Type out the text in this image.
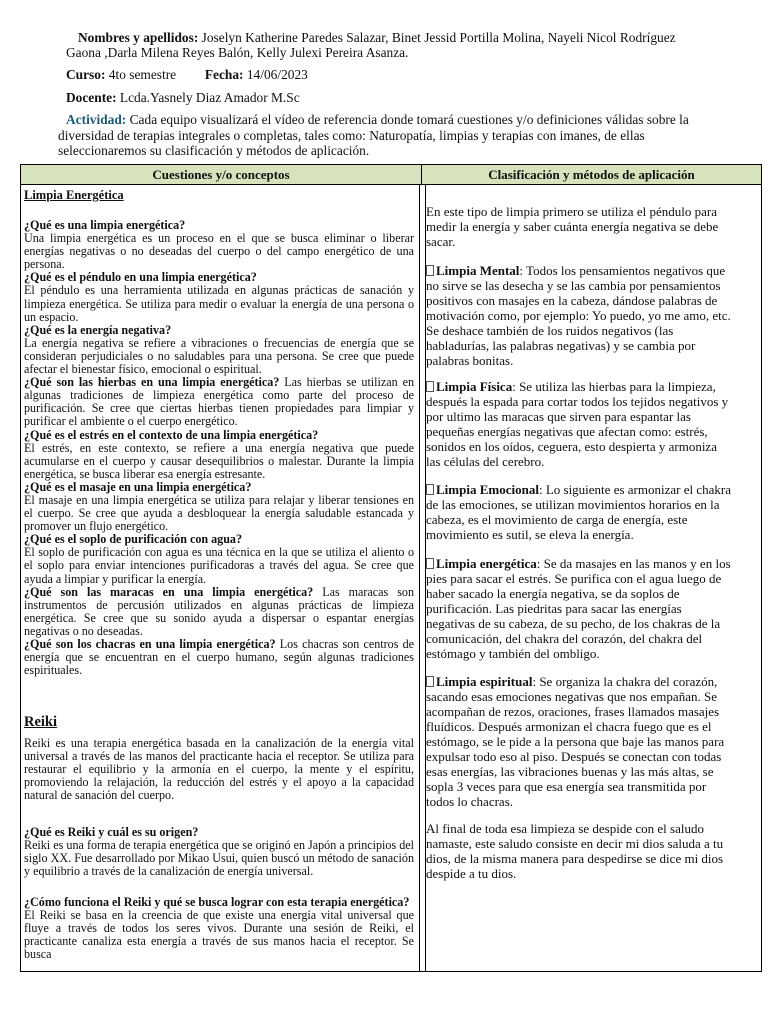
Nombres y apellidos: Joselyn Katherine Paredes Salazar, Binet Jessid Portilla Molina, Nayeli Nicol Rodríguez
Gaona ,Darla Milena Reyes Balón, Kelly Julexi Pereira Asanza.
Curso: 4to semestre Fecha: 14/06/2023
Docente: Lcda.Yasnely Diaz Amador M.Sc
Actividad: Cada equipo visualizará el vídeo de referencia donde tomará cuestiones y/o definiciones válidas sobre la diversidad de terapias integrales o completas, tales como: Naturopatía, limpias y terapias con imanes, de ellas seleccionaremos su clasificación y métodos de aplicación.
Cuestiones y/o conceptos	Clasificación y métodos de aplicación
Limpia Energética

¿Qué es una limpia energética?

Una limpia energética es un proceso en el que se busca eliminar o liberar energías negativas o no deseadas del cuerpo o del campo energético de una persona.

¿Qué es el péndulo en una limpia energética?

El péndulo es una herramienta utilizada en algunas prácticas de sanación y limpieza energética. Se utiliza para medir o evaluar la energía de una persona o un espacio.

¿Qué es la energía negativa?

La energía negativa se refiere a vibraciones o frecuencias de energía que se consideran perjudiciales o no saludables para una persona. Se cree que puede afectar el bienestar físico, emocional o espiritual.

¿Qué son las hierbas en una limpia energética? Las hierbas se utilizan en algunas tradiciones de limpieza energética como parte del proceso de purificación. Se cree que ciertas hierbas tienen propiedades para limpiar y purificar el ambiente o el cuerpo energético.

¿Qué es el estrés en el contexto de una limpia energética?

El estrés, en este contexto, se refiere a una energía negativa que puede acumularse en el cuerpo y causar desequilibrios o malestar. Durante la limpia energética, se busca liberar esa energía estresante.

¿Qué es el masaje en una limpia energética?

El masaje en una limpia energética se utiliza para relajar y liberar tensiones en el cuerpo. Se cree que ayuda a desbloquear la energía saludable estancada y promover un flujo energético.

¿Qué es el soplo de purificación con agua?

El soplo de purificación con agua es una técnica en la que se utiliza el aliento o el soplo para enviar intenciones purificadoras a través del agua. Se cree que ayuda a limpiar y purificar la energía.

¿Qué son las maracas en una limpia energética? Las maracas son instrumentos de percusión utilizados en algunas prácticas de limpieza energética. Se cree que su sonido ayuda a dispersar o espantar energías negativas o no deseadas.

¿Qué son los chacras en una limpia energética? Los chacras son centros de energía que se encuentran en el cuerpo humano, según algunas tradiciones espirituales.

Reiki

Reiki es una terapia energética basada en la canalización de la energía vital universal a través de las manos del practicante hacia el receptor. Se utiliza para restaurar el equilibrio y la armonía en el cuerpo, la mente y el espíritu, promoviendo la relajación, la reducción del estrés y el apoyo a la capacidad natural de sanación del cuerpo.

¿Qué es Reiki y cuál es su origen?

Reiki es una forma de terapia energética que se originó en Japón a principios del siglo XX. Fue desarrollado por Mikao Usui, quien buscó un método de sanación y equilibrio a través de la canalización de energía universal.

¿Cómo funciona el Reiki y qué se busca lograr con esta terapia energética?

El Reiki se basa en la creencia de que existe una energía vital universal que fluye a través de todos los seres vivos. Durante una sesión de Reiki, el practicante canaliza esta energía a través de sus manos hacia el receptor. Se busca

En este tipo de limpia primero se utiliza el péndulo para medir la energía y saber cuánta energía negativa se debe sacar.

Limpia Mental: Todos los pensamientos negativos que no sirve se las desecha y se las cambia por pensamientos positivos con masajes en la cabeza, dándose palabras de motivación como, por ejemplo: Yo puedo, yo me amo, etc. Se deshace también de los ruidos negativos (las habladurías, las palabras negativas) y se cambia por palabras bonitas.

Limpia Física: Se utiliza las hierbas para la limpieza, después la espada para cortar todos los tejidos negativos y por ultimo las maracas que sirven para espantar las pequeñas energías negativas que afectan como: estrés, sonidos en los oídos, ceguera, esto despierta y armoniza las células del cerebro.

Limpia Emocional: Lo siguiente es armonizar el chakra de las emociones, se utilizan movimientos horarios en la cabeza, es el movimiento de carga de energía, este movimiento es sutil, se eleva la energía.

Limpia energética: Se da masajes en las manos y en los pies para sacar el estrés. Se purifica con el agua luego de haber sacado la energía negativa, se da soplos de purificación. Las piedritas para sacar las energías negativas de su cabeza, de su pecho, de los chakras de la comunicación, del chakra del corazón, del chakra del estómago y también del ombligo.

Limpia espiritual: Se organiza la chakra del corazón, sacando esas emociones negativas que nos empañan. Se acompañan de rezos, oraciones, frases llamados masajes fluídicos. Después armonizan el chacra fuego que es el estómago, se le pide a la persona que baje las manos para expulsar todo eso al piso. Después se conectan con todas esas energías, las vibraciones buenas y las más altas, se sopla 3 veces para que esa energía sea transmitida por todos lo chacras.

Al final de toda esa limpieza se despide con el saludo namaste, este saludo consiste en decir mi dios saluda a tu dios, de la misma manera para despedirse se dice mi dios despide a tu dios.
